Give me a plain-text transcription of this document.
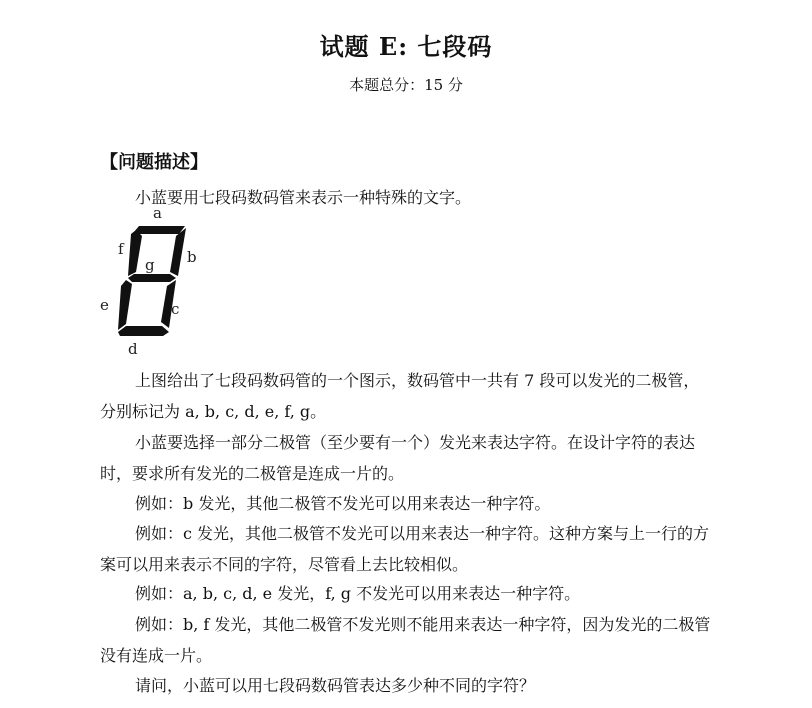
试题 E: 七段码
本题总分：15 分
【问题描述】

小蓝要用七段码数码管来表示一种特殊的文字。

a
f	b
g
e	c
d

上图给出了七段码数码管的一个图示，数码管中一共有 7 段可以发光的二极管，分别标记为 a, b, c, d, e, f, g。

小蓝要选择一部分二极管（至少要有一个）发光来表达字符。在设计字符的表达时，要求所有发光的二极管是连成一片的。

例如：b 发光，其他二极管不发光可以用来表达一种字符。

例如：c 发光，其他二极管不发光可以用来表达一种字符。这种方案与上一行的方案可以用来表示不同的字符，尽管看上去比较相似。

例如：a, b, c, d, e 发光，f, g 不发光可以用来表达一种字符。

例如：b, f 发光，其他二极管不发光则不能用来表达一种字符，因为发光的二极管没有连成一片。

请问，小蓝可以用七段码数码管表达多少种不同的字符？
